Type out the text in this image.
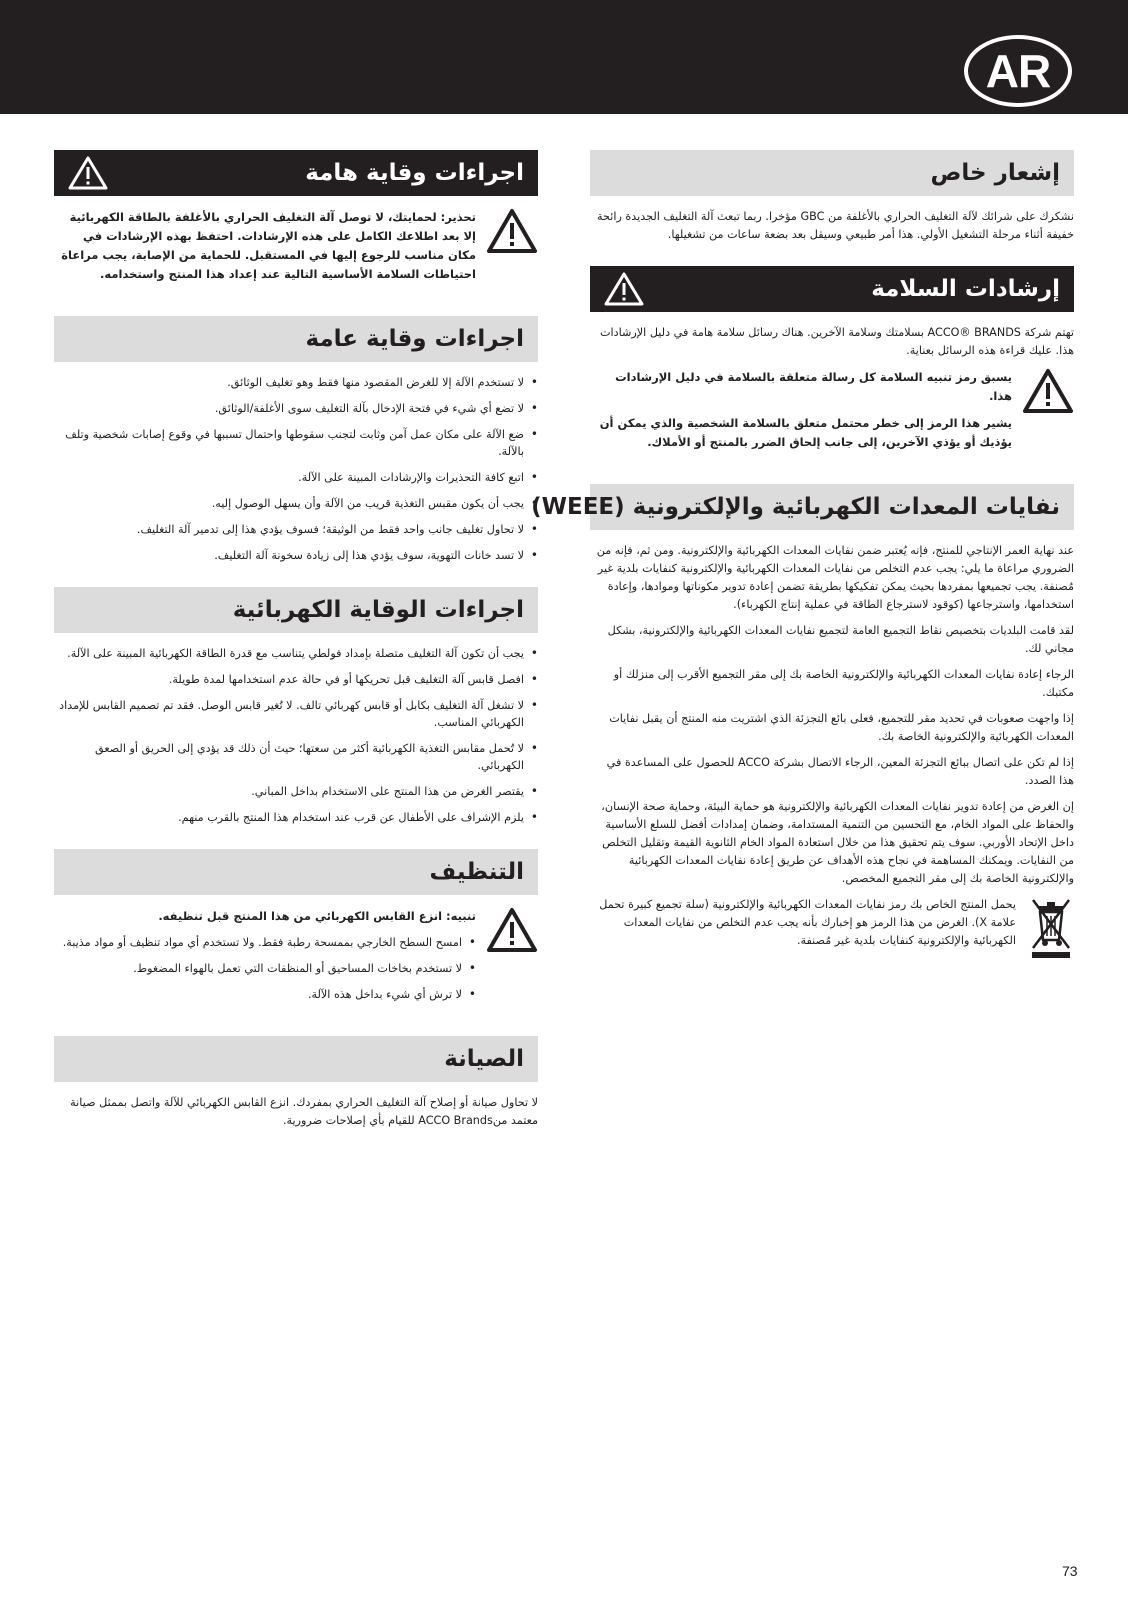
AR
إشعار خاص

نشكرك على شرائك لآلة التغليف الحراري بالأغلفة من GBC مؤخرا. ربما تبعث آلة التغليف الجديدة رائحة خفيفة أثناء مرحلة التشغيل الأولي. هذا أمر طبيعي وسيقل بعد بضعة ساعات من تشغيلها.

إرشادات السلامة

تهتم شركة ACCO® BRANDS بسلامتك وسلامة الآخرين. هناك رسائل سلامة هامة في دليل الإرشادات هذا. عليك قراءة هذه الرسائل بعناية.

يسبق رمز تنبيه السلامة كل رسالة متعلقة بالسلامة في دليل الإرشادات هذا.

يشير هذا الرمز إلى خطر محتمل متعلق بالسلامة الشخصية والذي يمكن أن يؤذيك أو يؤذي الآخرين، إلى جانب إلحاق الضرر بالمنتج أو الأملاك.

نفايات المعدات الكهربائية والإلكترونية (WEEE)

عند نهاية العمر الإنتاجي للمنتج، فإنه يُعتبر ضمن نفايات المعدات الكهربائية والإلكترونية. ومن ثم، فإنه من الضروري مراعاة ما يلي: يجب عدم التخلص من نفايات المعدات الكهربائية والإلكترونية كنفايات بلدية غير مُصنفة. يجب تجميعها بمفردها بحيث يمكن تفكيكها بطريقة تضمن إعادة تدوير مكوناتها وموادها، وإعادة استخدامها، واسترجاعها (كوقود لاسترجاع الطاقة في عملية إنتاج الكهرباء).

لقد قامت البلديات بتخصيص نقاط التجميع العامة لتجميع نفايات المعدات الكهربائية والإلكترونية، بشكل مجاني لك.

الرجاء إعادة نفايات المعدات الكهربائية والإلكترونية الخاصة بك إلى مقر التجميع الأقرب إلى منزلك أو مكتبك.

إذا واجهت صعوبات في تحديد مقر للتجميع، فعلى بائع التجزئة الذي اشتريت منه المنتج أن يقبل نفايات المعدات الكهربائية والإلكترونية الخاصة بك.

إذا لم تكن على اتصال ببائع التجزئة المعين، الرجاء الاتصال بشركة ACCO للحصول على المساعدة في هذا الصدد.

إن الغرض من إعادة تدوير نفايات المعدات الكهربائية والإلكترونية هو حماية البيئة، وحماية صحة الإنسان، والحفاظ على المواد الخام، مع التحسين من التنمية المستدامة، وضمان إمدادات أفضل للسلع الأساسية داخل الإتحاد الأوربي. سوف يتم تحقيق هذا من خلال استعادة المواد الخام الثانوية القيمة وتقليل التخلص من النفايات. ويمكنك المساهمة في نجاح هذه الأهداف عن طريق إعادة نفايات المعدات الكهربائية والإلكترونية الخاصة بك إلى مقر التجميع المخصص.

يحمل المنتج الخاص بك رمز نفايات المعدات الكهربائية والإلكترونية (سلة تجميع كبيرة تحمل علامة X). الغرض من هذا الرمز هو إخبارك بأنه يجب عدم التخلص من نفايات المعدات الكهربائية والإلكترونية كنفايات بلدية غير مُصنفة.

اجراءات وقاية هامة

تحذير: لحمايتك، لا توصل آلة التغليف الحراري بالأغلفة بالطاقة الكهربائية إلا بعد اطلاعك الكامل على هذه الإرشادات. احتفظ بهذه الإرشادات في مكان مناسب للرجوع إليها في المستقبل. للحماية من الإصابة، يجب مراعاة احتياطات السلامة الأساسية التالية عند إعداد هذا المنتج واستخدامه.

اجراءات وقاية عامة
• لا تستخدم الآلة إلا للغرض المقصود منها فقط وهو تغليف الوثائق.
• لا تضع أي شيء في فتحة الإدخال بآلة التغليف سوى الأغلفة/الوثائق.
• ضع الآلة على مكان عمل آمن وثابت لتجنب سقوطها واحتمال تسببها في وقوع إصابات شخصية وتلف بالآلة.
• اتبع كافة التحذيرات والإرشادات المبينة على الآلة.
• يجب أن يكون مقبس التغذية قريب من الآلة وأن يسهل الوصول إليه.
• لا تحاول تغليف جانب واحد فقط من الوثيقة؛ فسوف يؤدي هذا إلى تدمير آلة التغليف.
• لا تسد خانات التهوية، سوف يؤدي هذا إلى زيادة سخونة آلة التغليف.
اجراءات الوقاية الكهربائية
• يجب أن تكون آلة التغليف متصلة بإمداد فولطي يتناسب مع قدرة الطاقة الكهربائية المبينة على الآلة.
• افصل قابس آلة التغليف قبل تحريكها أو في حالة عدم استخدامها لمدة طويلة.
• لا تشغل آلة التغليف بكابل أو قابس كهربائي تالف. لا تُغير قابس الوصل. فقد تم تصميم القابس للإمداد الكهربائي المناسب.
• لا تُحمل مقابس التغذية الكهربائية أكثر من سعتها؛ حيث أن ذلك قد يؤدي إلى الحريق أو الصعق الكهربائي.
• يقتصر الغرض من هذا المنتج على الاستخدام بداخل المباني.
• يلزم الإشراف على الأطفال عن قرب عند استخدام هذا المنتج بالقرب منهم.
التنظيف

تنبيه: انزع القابس الكهربائي من هذا المنتج قبل تنظيفه.

• امسح السطح الخارجي بممسحة رطبة فقط. ولا تستخدم أي مواد تنظيف أو مواد مذيبة.
• لا تستخدم بخاخات المساحيق أو المنظفات التي تعمل بالهواء المضغوط.
• لا ترش أي شيء بداخل هذه الآلة.
الصيانة

لا تحاول صيانة أو إصلاح آلة التغليف الحراري بمفردك. انزع القابس الكهربائي للآلة واتصل بممثل صيانة معتمد منACCO Brands للقيام بأي إصلاحات ضرورية.

73
